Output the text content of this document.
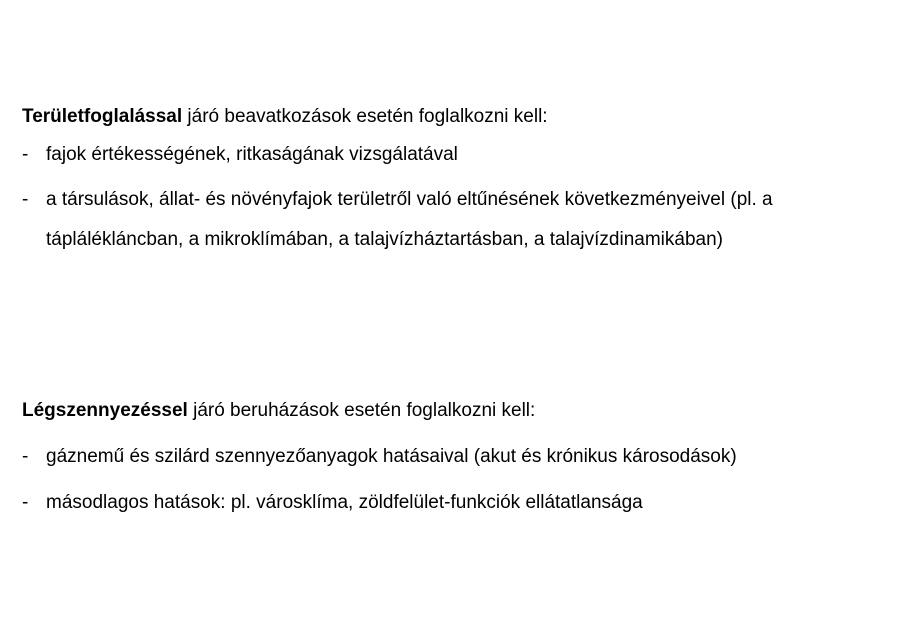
Területfoglalással járó beavatkozások esetén foglalkozni kell:
- fajok értékességének, ritkaságának vizsgálatával
- a társulások, állat- és növényfajok területről való eltűnésének következményeivel (pl. a táplálékláncban, a mikroklímában, a talajvízháztartásban, a talajvízdinamikában)
Légszennyezéssel járó beruházások esetén foglalkozni kell:
- gáznemű és szilárd szennyezőanyagok hatásaival (akut és krónikus károsodások)
- másodlagos hatások: pl. városklíma, zöldfelület-funkciók ellátatlansága
